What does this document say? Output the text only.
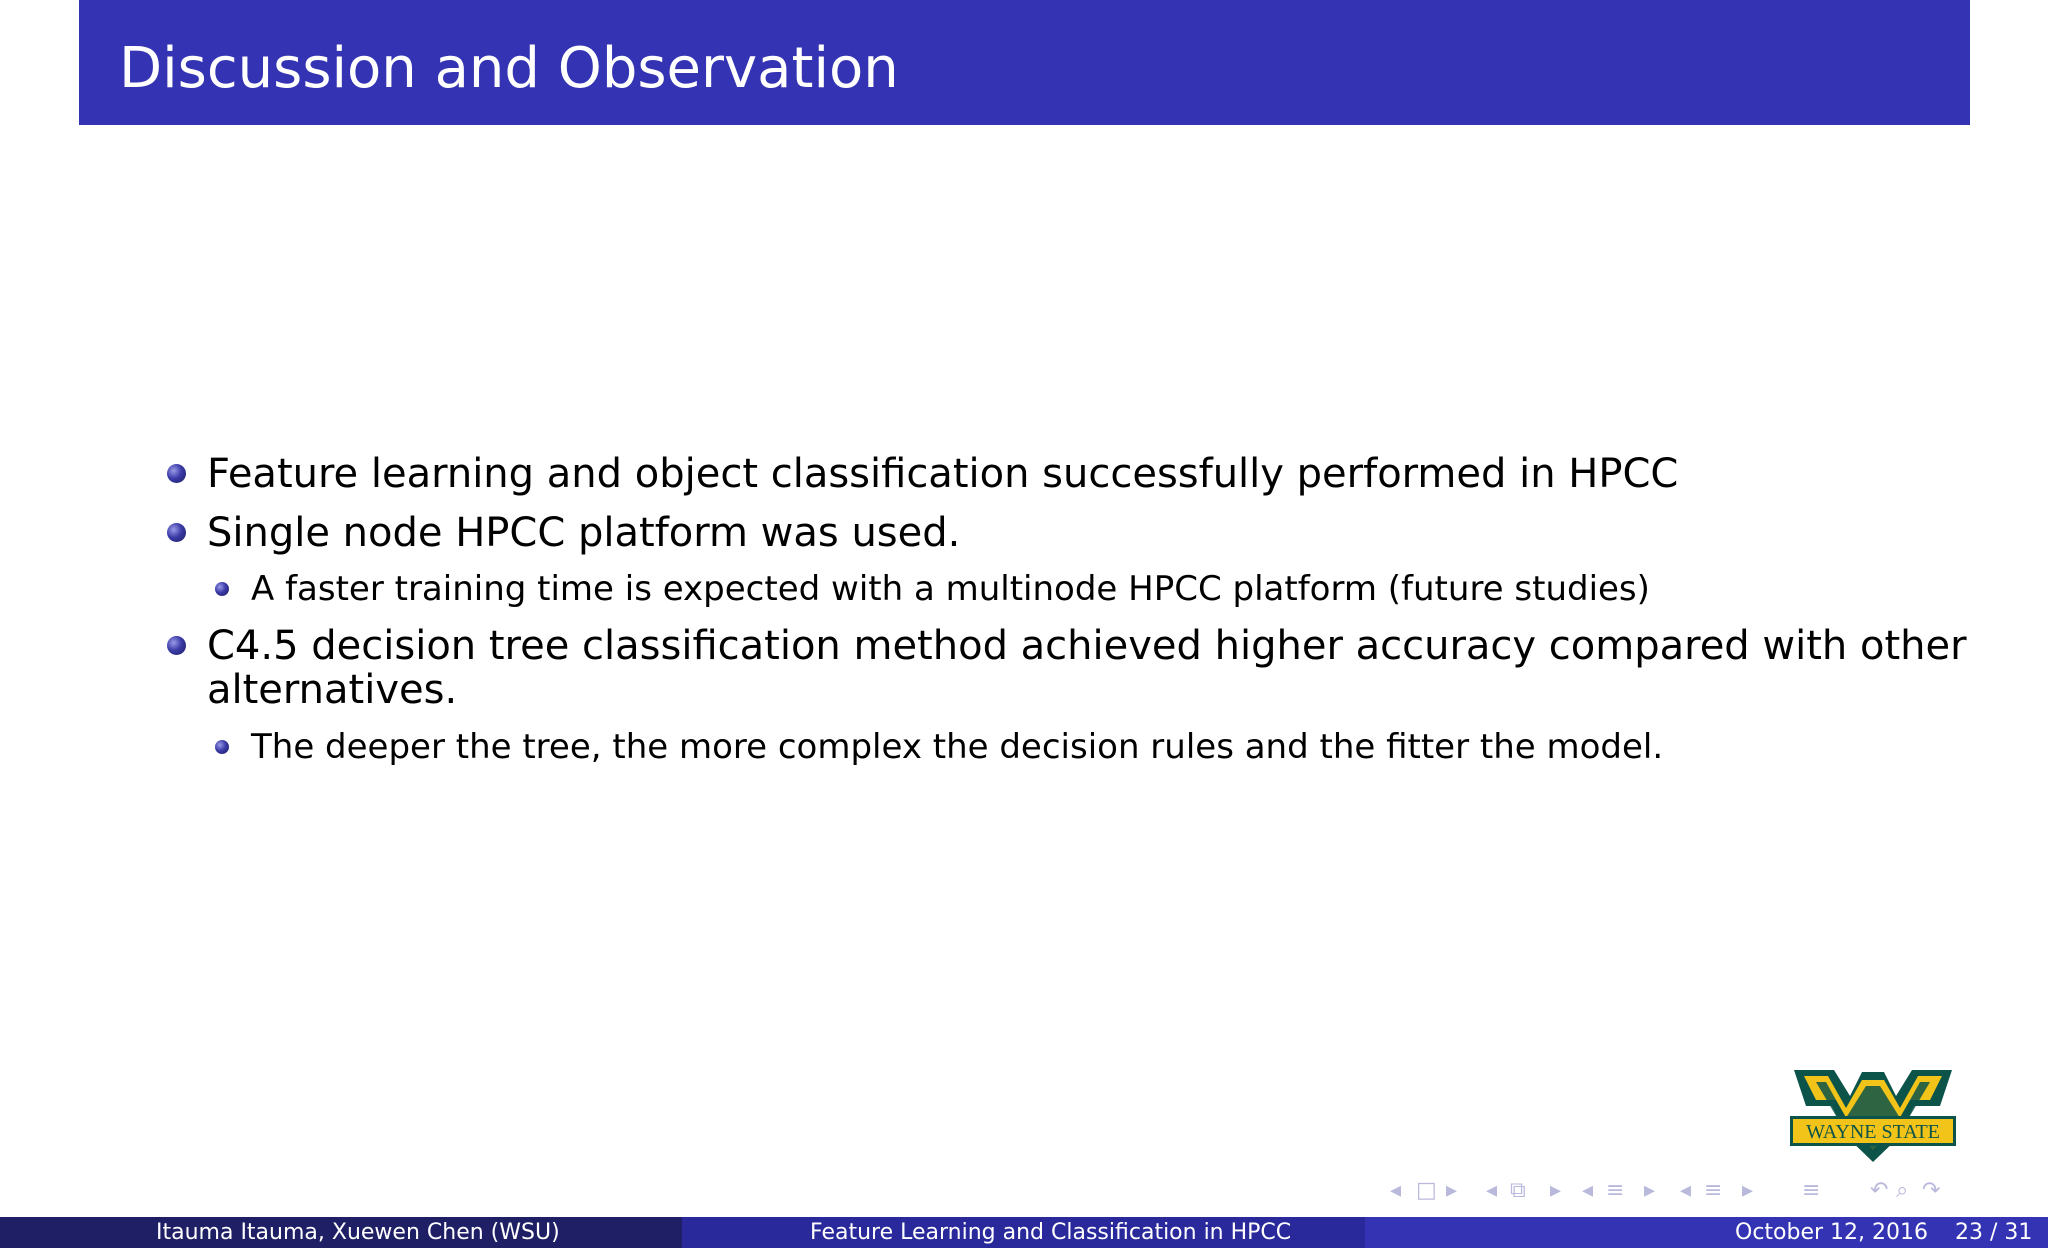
Discussion and Observation
Feature learning and object classification successfully performed in HPCC
Single node HPCC platform was used.
A faster training time is expected with a multinode HPCC platform (future studies)
C4.5 decision tree classification method achieved higher accuracy compared with other
alternatives.
The deeper the tree, the more complex the decision rules and the fitter the model.
WAYNE STATE
◂ □ ▸ ◂ ⧉ ▸ ◂ ≡ ▸ ◂ ≡ ▸ ≡ ↶ ⌕ ↷
Itauma Itauma, Xuewen Chen (WSU)	Feature Learning and Classification in HPCC	October 12, 2016 23 / 31
